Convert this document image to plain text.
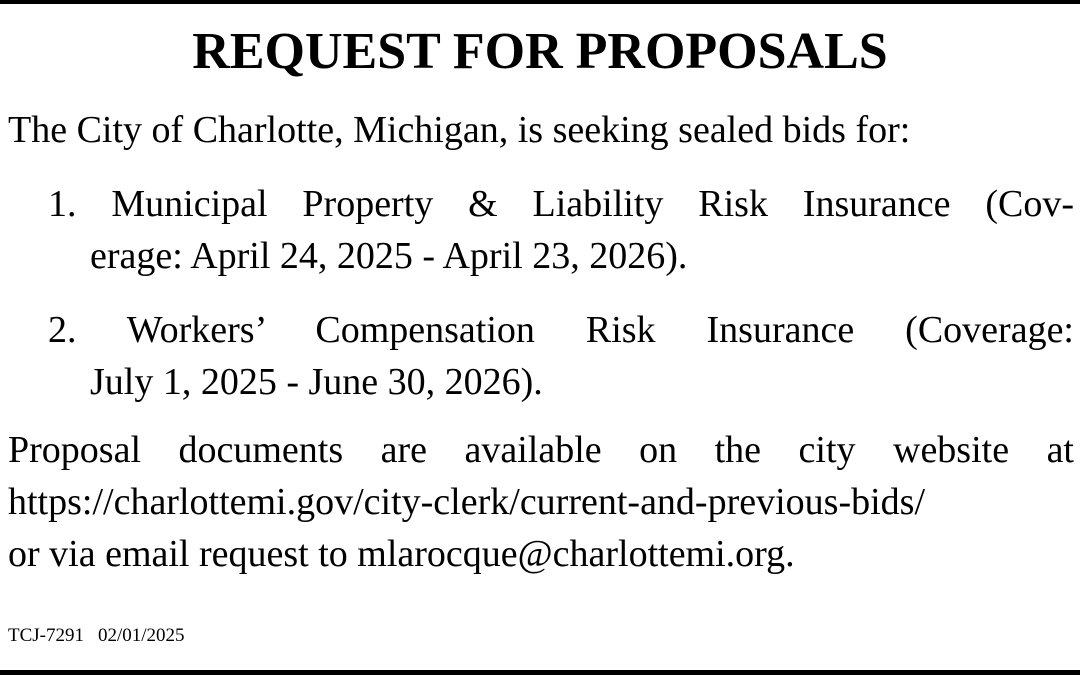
REQUEST FOR PROPOSALS
The City of Charlotte, Michigan, is seeking sealed bids for:
1. Municipal Property & Liability Risk Insurance (Cov-
erage: April 24, 2025 - April 23, 2026).
2. Workers’ Compensation Risk Insurance (Coverage:
July 1, 2025 - June 30, 2026).
Proposal documents are available on the city website at
https://charlottemi.gov/city-clerk/current-and-previous-bids/
or via email request to mlarocque@charlottemi.org.
TCJ-7291 02/01/2025
